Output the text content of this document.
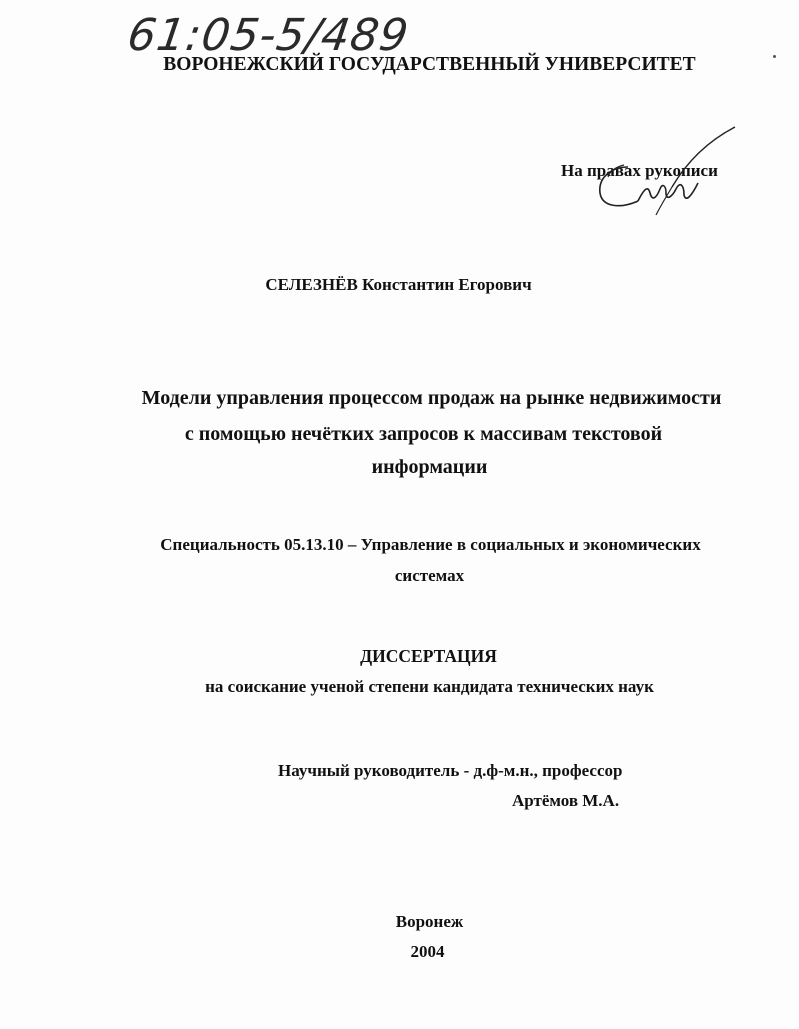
61:05-5/489
ВОРОНЕЖСКИЙ ГОСУДАРСТВЕННЫЙ УНИВЕРСИТЕТ
На правах рукописи
СЕЛЕЗНЁВ Константин Егорович
Модели управления процессом продаж на рынке недвижимости
с помощью нечётких запросов к массивам текстовой
информации
Специальность 05.13.10 – Управление в социальных и экономических
системах
ДИССЕРТАЦИЯ
на соискание ученой степени кандидата технических наук
Научный руководитель - д.ф-м.н., профессор
Артёмов М.А.
Воронеж
2004
